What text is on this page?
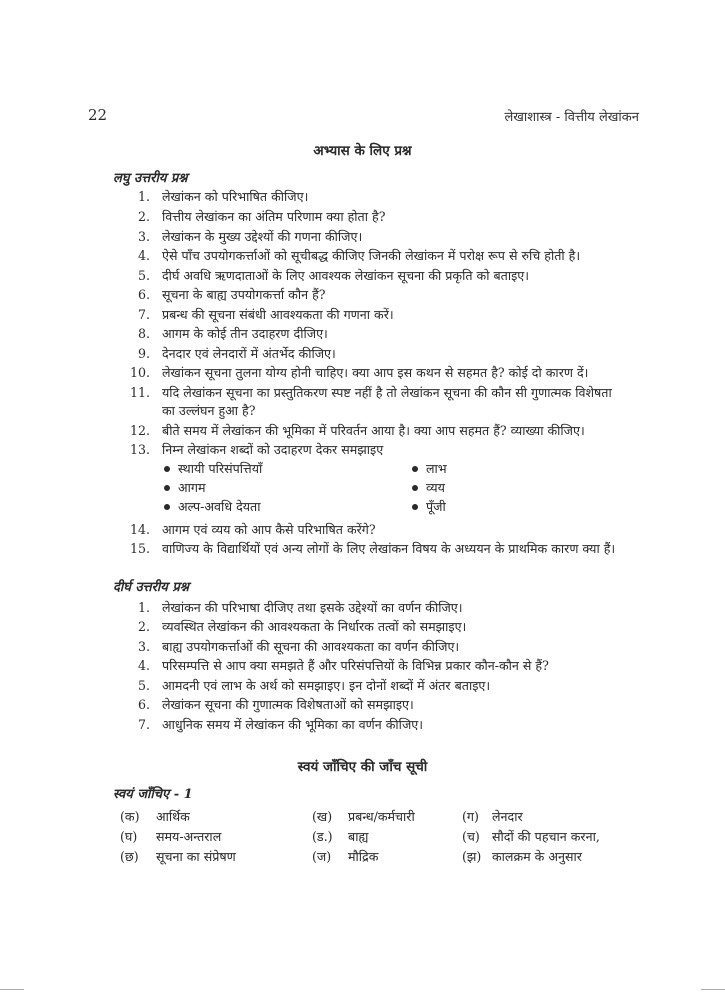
22	लेखाशास्त्र - वित्तीय लेखांकन
अभ्यास के लिए प्रश्न
लघु उत्तरीय प्रश्न
1. लेखांकन को परिभाषित कीजिए।
2. वित्तीय लेखांकन का अंतिम परिणाम क्या होता है?
3. लेखांकन के मुख्य उद्देश्यों की गणना कीजिए।
4. ऐसे पाँच उपयोगकर्त्ताओं को सूचीबद्ध कीजिए जिनकी लेखांकन में परोक्ष रूप से रुचि होती है।
5. दीर्घ अवधि ऋणदाताओं के लिए आवश्यक लेखांकन सूचना की प्रकृति को बताइए।
6. सूचना के बाह्य उपयोगकर्त्ता कौन हैं?
7. प्रबन्ध की सूचना संबंधी आवश्यकता की गणना करें।
8. आगम के कोई तीन उदाहरण दीजिए।
9. देनदार एवं लेनदारों में अंतर्भेद कीजिए।
10. लेखांकन सूचना तुलना योग्य होनी चाहिए। क्या आप इस कथन से सहमत है? कोई दो कारण दें।
11. यदि लेखांकन सूचना का प्रस्तुतिकरण स्पष्ट नहीं है तो लेखांकन सूचना की कौन सी गुणात्मक विशेषता
का उल्लंघन हुआ है?
12. बीते समय में लेखांकन की भूमिका में परिवर्तन आया है। क्या आप सहमत हैं? व्याख्या कीजिए।
13. निम्न लेखांकन शब्दों को उदाहरण देकर समझाइए
स्थायी परिसंपत्तियाँ
आगम
अल्प-अवधि देयता
लाभ
व्यय
पूँजी
14. आगम एवं व्यय को आप कैसे परिभाषित करेंगे?
15. वाणिज्य के विद्यार्थियों एवं अन्य लोगों के लिए लेखांकन विषय के अध्ययन के प्राथमिक कारण क्या हैं।
दीर्घ उत्तरीय प्रश्न
1. लेखांकन की परिभाषा दीजिए तथा इसके उद्देश्यों का वर्णन कीजिए।
2. व्यवस्थित लेखांकन की आवश्यकता के निर्धारक तत्वों को समझाइए।
3. बाह्य उपयोगकर्त्ताओं की सूचना की आवश्यकता का वर्णन कीजिए।
4. परिसम्पत्ति से आप क्या समझते हैं और परिसंपत्तियों के विभिन्न प्रकार कौन-कौन से हैं?
5. आमदनी एवं लाभ के अर्थ को समझाइए। इन दोनों शब्दों में अंतर बताइए।
6. लेखांकन सूचना की गुणात्मक विशेषताओं को समझाइए।
7. आधुनिक समय में लेखांकन की भूमिका का वर्णन कीजिए।
स्वयं जाँचिए की जाँच सूची
स्वयं जाँचिए - 1
(क) आर्थिक	(ख) प्रबन्ध/कर्मचारी	(ग) लेनदार
(घ) समय-अन्तराल	(ड.) बाह्य	(च) सौदों की पहचान करना,
(छ) सूचना का संप्रेषण	(ज) मौद्रिक	(झ) कालक्रम के अनुसार
